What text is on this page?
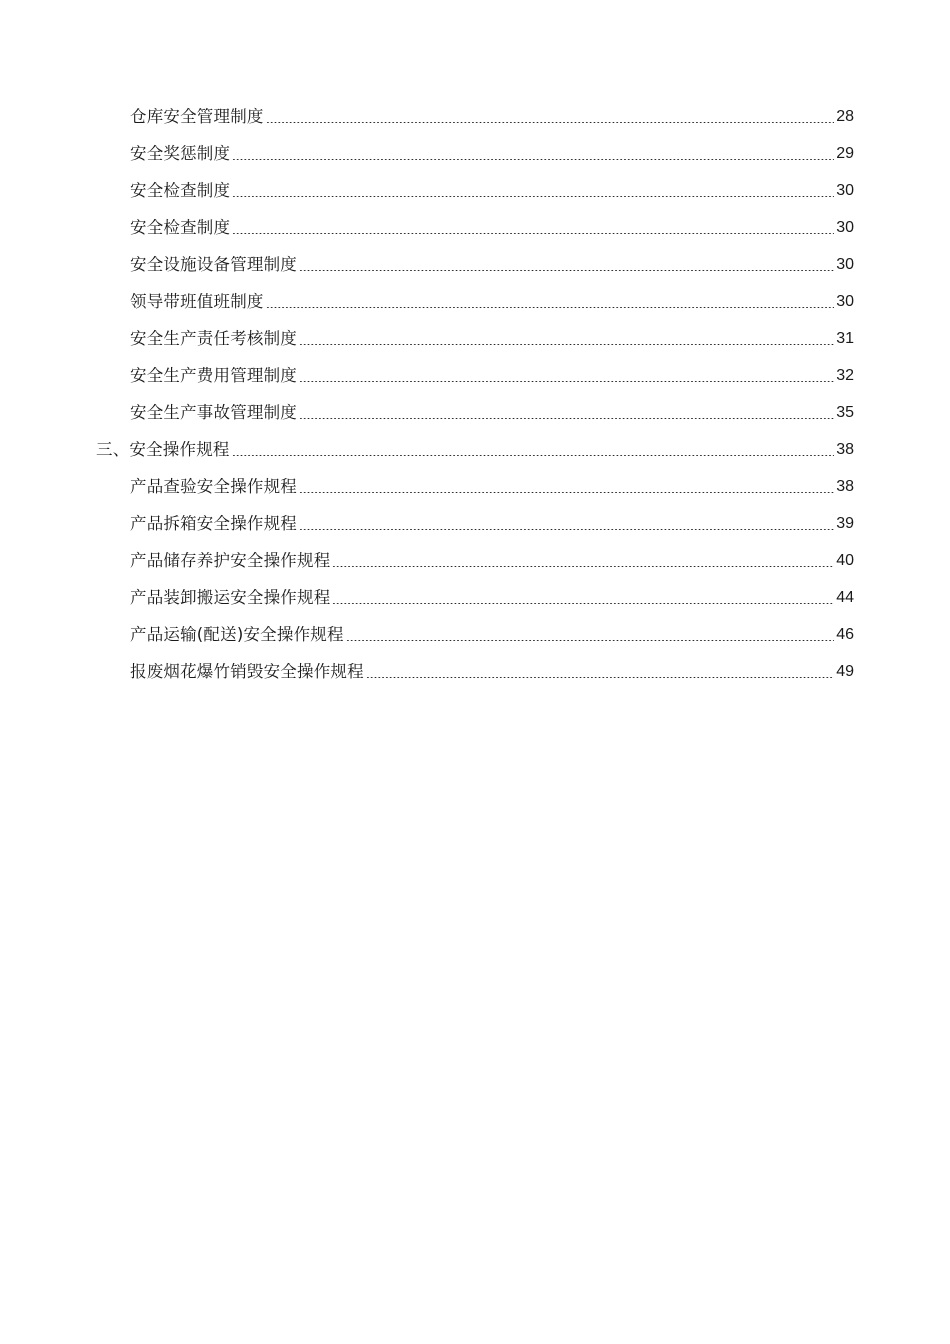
仓库安全管理制度	28
安全奖惩制度	29
安全检查制度	30
安全检查制度	30
安全设施设备管理制度	30
领导带班值班制度	30
安全生产责任考核制度	31
安全生产费用管理制度	32
安全生产事故管理制度	35
三、安全操作规程	38
产品查验安全操作规程	38
产品拆箱安全操作规程	39
产品储存养护安全操作规程	40
产品装卸搬运安全操作规程	44
产品运输(配送)安全操作规程	46
报废烟花爆竹销毁安全操作规程	49
